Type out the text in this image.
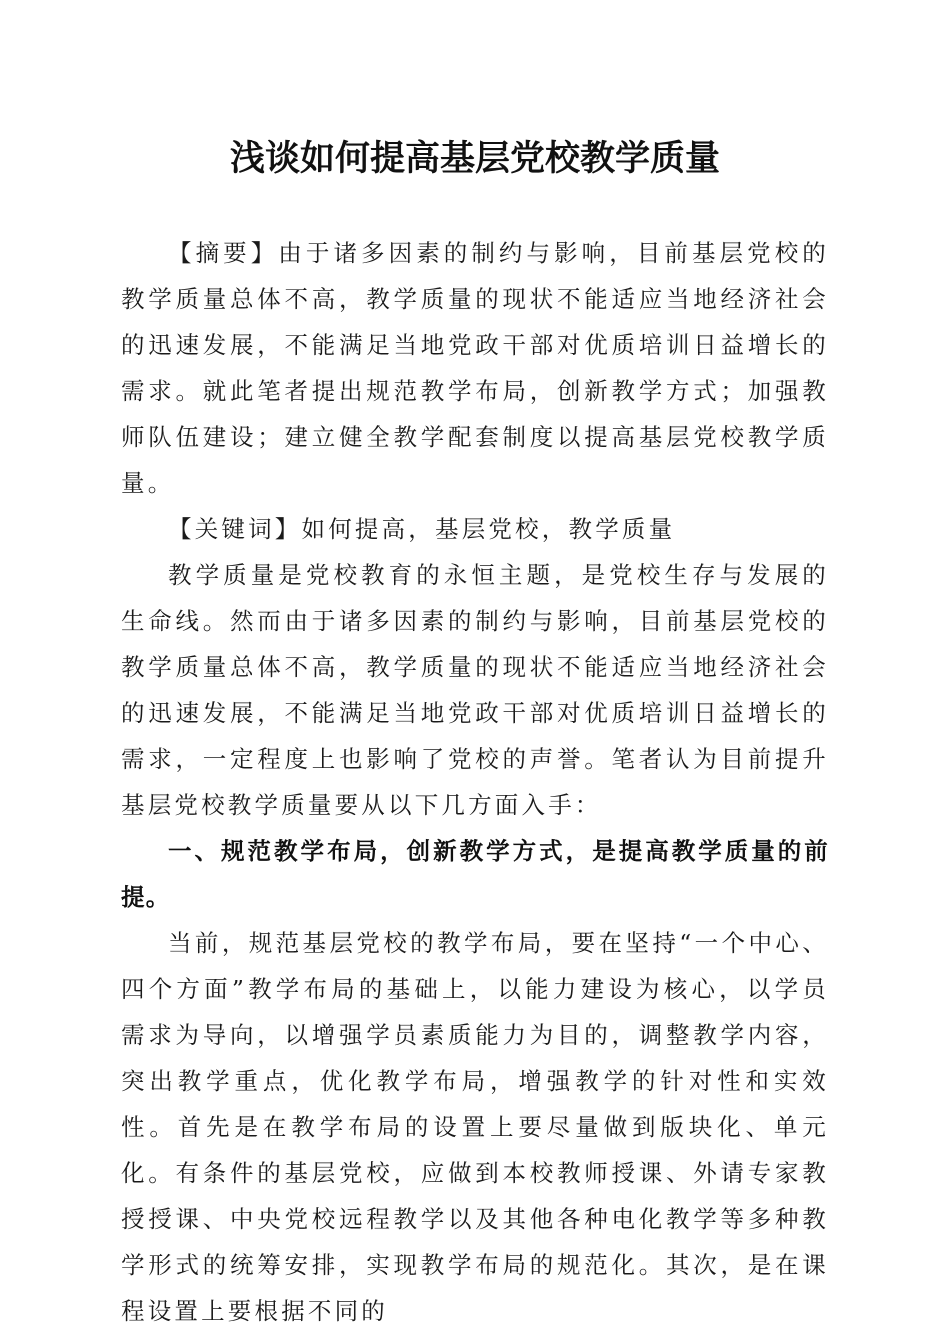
浅谈如何提高基层党校教学质量

【摘要】由于诸多因素的制约与影响，目前基层党校的教学质量总体不高，教学质量的现状不能适应当地经济社会的迅速发展，不能满足当地党政干部对优质培训日益增长的需求。就此笔者提出规范教学布局，创新教学方式；加强教师队伍建设；建立健全教学配套制度以提高基层党校教学质量。

【关键词】如何提高，基层党校，教学质量

教学质量是党校教育的永恒主题，是党校生存与发展的生命线。然而由于诸多因素的制约与影响，目前基层党校的教学质量总体不高，教学质量的现状不能适应当地经济社会的迅速发展，不能满足当地党政干部对优质培训日益增长的需求，一定程度上也影响了党校的声誉。笔者认为目前提升基层党校教学质量要从以下几方面入手：

一、规范教学布局，创新教学方式，是提高教学质量的前提。

当前，规范基层党校的教学布局，要在坚持“一个中心、四个方面”教学布局的基础上，以能力建设为核心，以学员需求为导向，以增强学员素质能力为目的，调整教学内容，突出教学重点，优化教学布局，增强教学的针对性和实效性。首先是在教学布局的设置上要尽量做到版块化、单元化。有条件的基层党校，应做到本校教师授课、外请专家教授授课、中央党校远程教学以及其他各种电化教学等多种教学形式的统筹安排，实现教学布局的规范化。其次，是在课程设置上要根据不同的
